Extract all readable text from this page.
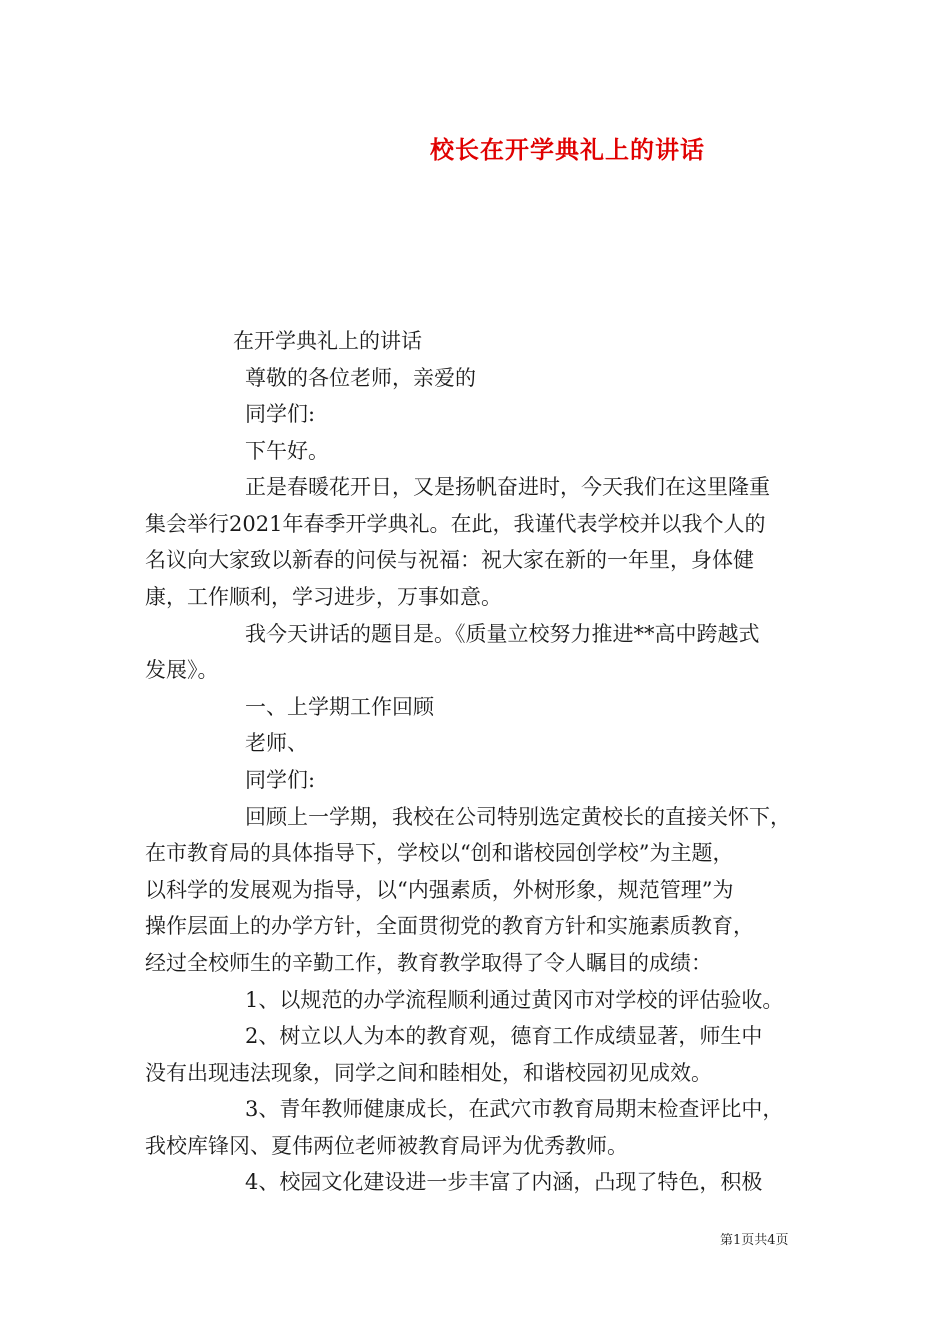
校长在开学典礼上的讲话
在开学典礼上的讲话
尊敬的各位老师，亲爱的
同学们:
下午好。
正是春暖花开日，又是扬帆奋进时，今天我们在这里隆重
集会举行2021年春季开学典礼。在此，我谨代表学校并以我个人的
名议向大家致以新春的问侯与祝福：祝大家在新的一年里，身体健
康，工作顺利，学习进步，万事如意。
我今天讲话的题目是。《质量立校努力推进**高中跨越式
发展》。
一、上学期工作回顾
老师、
同学们:
回顾上一学期，我校在公司特别选定黄校长的直接关怀下，
在市教育局的具体指导下，学校以“创和谐校园创学校”为主题，
以科学的发展观为指导，以“内强素质，外树形象，规范管理”为
操作层面上的办学方针，全面贯彻党的教育方针和实施素质教育，
经过全校师生的辛勤工作，教育教学取得了令人瞩目的成绩：
1、以规范的办学流程顺利通过黄冈市对学校的评估验收。
2、树立以人为本的教育观，德育工作成绩显著，师生中
没有出现违法现象，同学之间和睦相处，和谐校园初见成效。
3、青年教师健康成长，在武穴市教育局期末检查评比中，
我校库锋冈、夏伟两位老师被教育局评为优秀教师。
4、校园文化建设进一步丰富了内涵，凸现了特色，积极
第1页共4页
